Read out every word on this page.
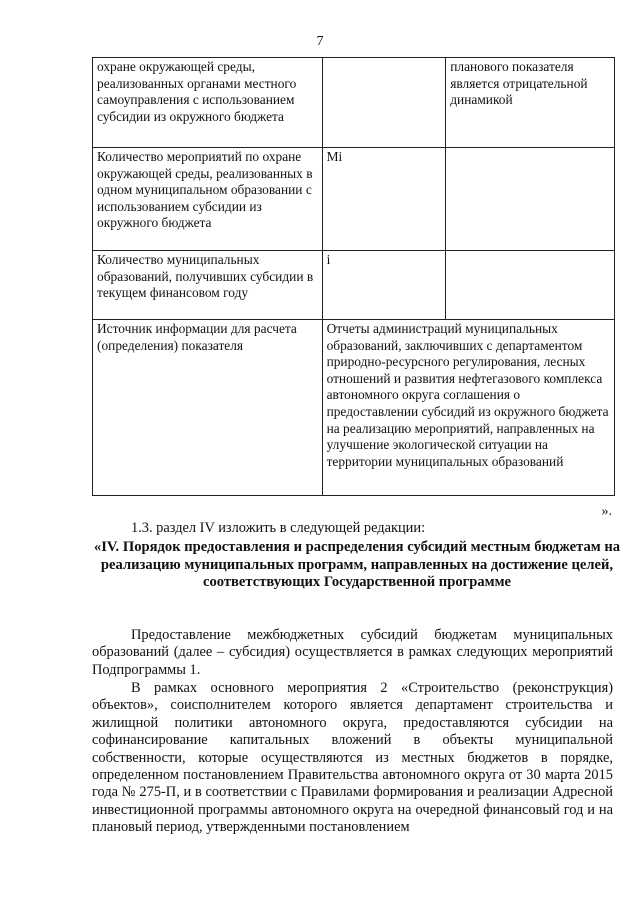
7
охране окружающей среды, реализованных органами местного самоуправления с использованием субсидии из окружного бюджета		планового показателя является отрицательной динамикой
Количество мероприятий по охране окружающей среды, реализованных в одном муниципальном образовании с использованием субсидии из окружного бюджета	Mi	
Количество муниципальных образований, получивших субсидии в текущем финансовом году	i	
Источник информации для расчета (определения) показателя	Отчеты администраций муниципальных образований, заключивших с департаментом природно-ресурсного регулирования, лесных отношений и развития нефтегазового комплекса автономного округа соглашения о предоставлении субсидий из окружного бюджета на реализацию мероприятий, направленных на улучшение экологической ситуации на территории муниципальных образований	
».
1.3. раздел IV изложить в следующей редакции:
«IV. Порядок предоставления и распределения субсидий местным бюджетам на реализацию муниципальных программ, направленных на достижение целей, соответствующих Государственной программе
Предоставление межбюджетных субсидий бюджетам муниципальных образований (далее – субсидия) осуществляется в рамках следующих мероприятий Подпрограммы 1.
В рамках основного мероприятия 2 «Строительство (реконструкция) объектов», соисполнителем которого является департамент строительства и жилищной политики автономного округа, предоставляются субсидии на софинансирование капитальных вложений в объекты муниципальной собственности, которые осуществляются из местных бюджетов в порядке, определенном постановлением Правительства автономного округа от 30 марта 2015 года № 275-П, и в соответствии с Правилами формирования и реализации Адресной инвестиционной программы автономного округа на очередной финансовый год и на плановый период, утвержденными постановлением
